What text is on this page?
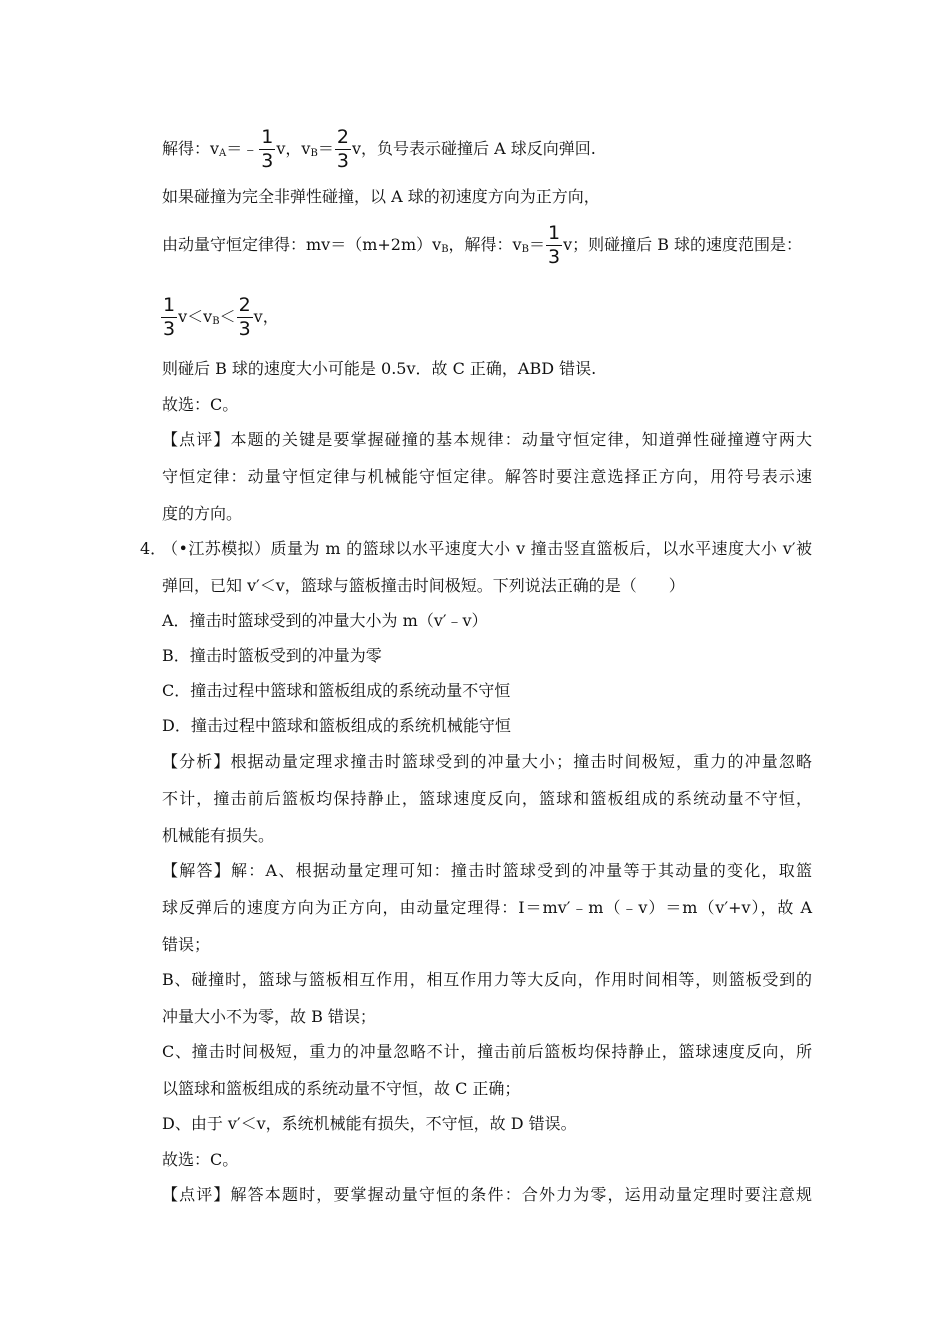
解得：$v_A=﹣ \frac{1}{3}$ v，$v_B= \frac{2}{3}$ v，负号表示碰撞后 A 球反向弹回.
如果碰撞为完全非弹性碰撞，以 A 球的初速度方向为正方向，
由动量守恒定律得：$mv=(m+2m)v_B$，解得：$v_B= \frac{1}{3}$ v；则碰撞后 B 球的速度范围是：
$\frac{1}{3} v<v_B< \frac{2}{3}$ v，
则碰后 B 球的速度大小可能是 0.5v．故 C 正确，ABD 错误.
故选：C。
【点评】本题的关键是要掌握碰撞的基本规律：动量守恒定律，知道弹性碰撞遵守两大
守恒定律：动量守恒定律与机械能守恒定律。解答时要注意选择正方向，用符号表示速
度的方向。
4．
（•江苏模拟）质量为 m 的篮球以水平速度大小 v 撞击竖直篮板后，以水平速度大小 v′被
弹回，已知 v′＜v，篮球与篮板撞击时间极短。下列说法正确的是（　　）
A．撞击时篮球受到的冲量大小为 m（v′﹣v）
B．撞击时篮板受到的冲量为零
C．撞击过程中篮球和篮板组成的系统动量不守恒
D．撞击过程中篮球和篮板组成的系统机械能守恒
【分析】根据动量定理求撞击时篮球受到的冲量大小；撞击时间极短，重力的冲量忽略
不计，撞击前后篮板均保持静止，篮球速度反向，篮球和篮板组成的系统动量不守恒，
机械能有损失。
【解答】解：A、根据动量定理可知：撞击时篮球受到的冲量等于其动量的变化，取篮
球反弹后的速度方向为正方向，由动量定理得：I＝mv′﹣m（﹣v）＝m（v′+v），故 A
错误；
B、碰撞时，篮球与篮板相互作用，相互作用力等大反向，作用时间相等，则篮板受到的
冲量大小不为零，故 B 错误；
C、撞击时间极短，重力的冲量忽略不计，撞击前后篮板均保持静止，篮球速度反向，所
以篮球和篮板组成的系统动量不守恒，故 C 正确；
D、由于 v′＜v，系统机械能有损失，不守恒，故 D 错误。
故选：C。
【点评】解答本题时，要掌握动量守恒的条件：合外力为零，运用动量定理时要注意规
